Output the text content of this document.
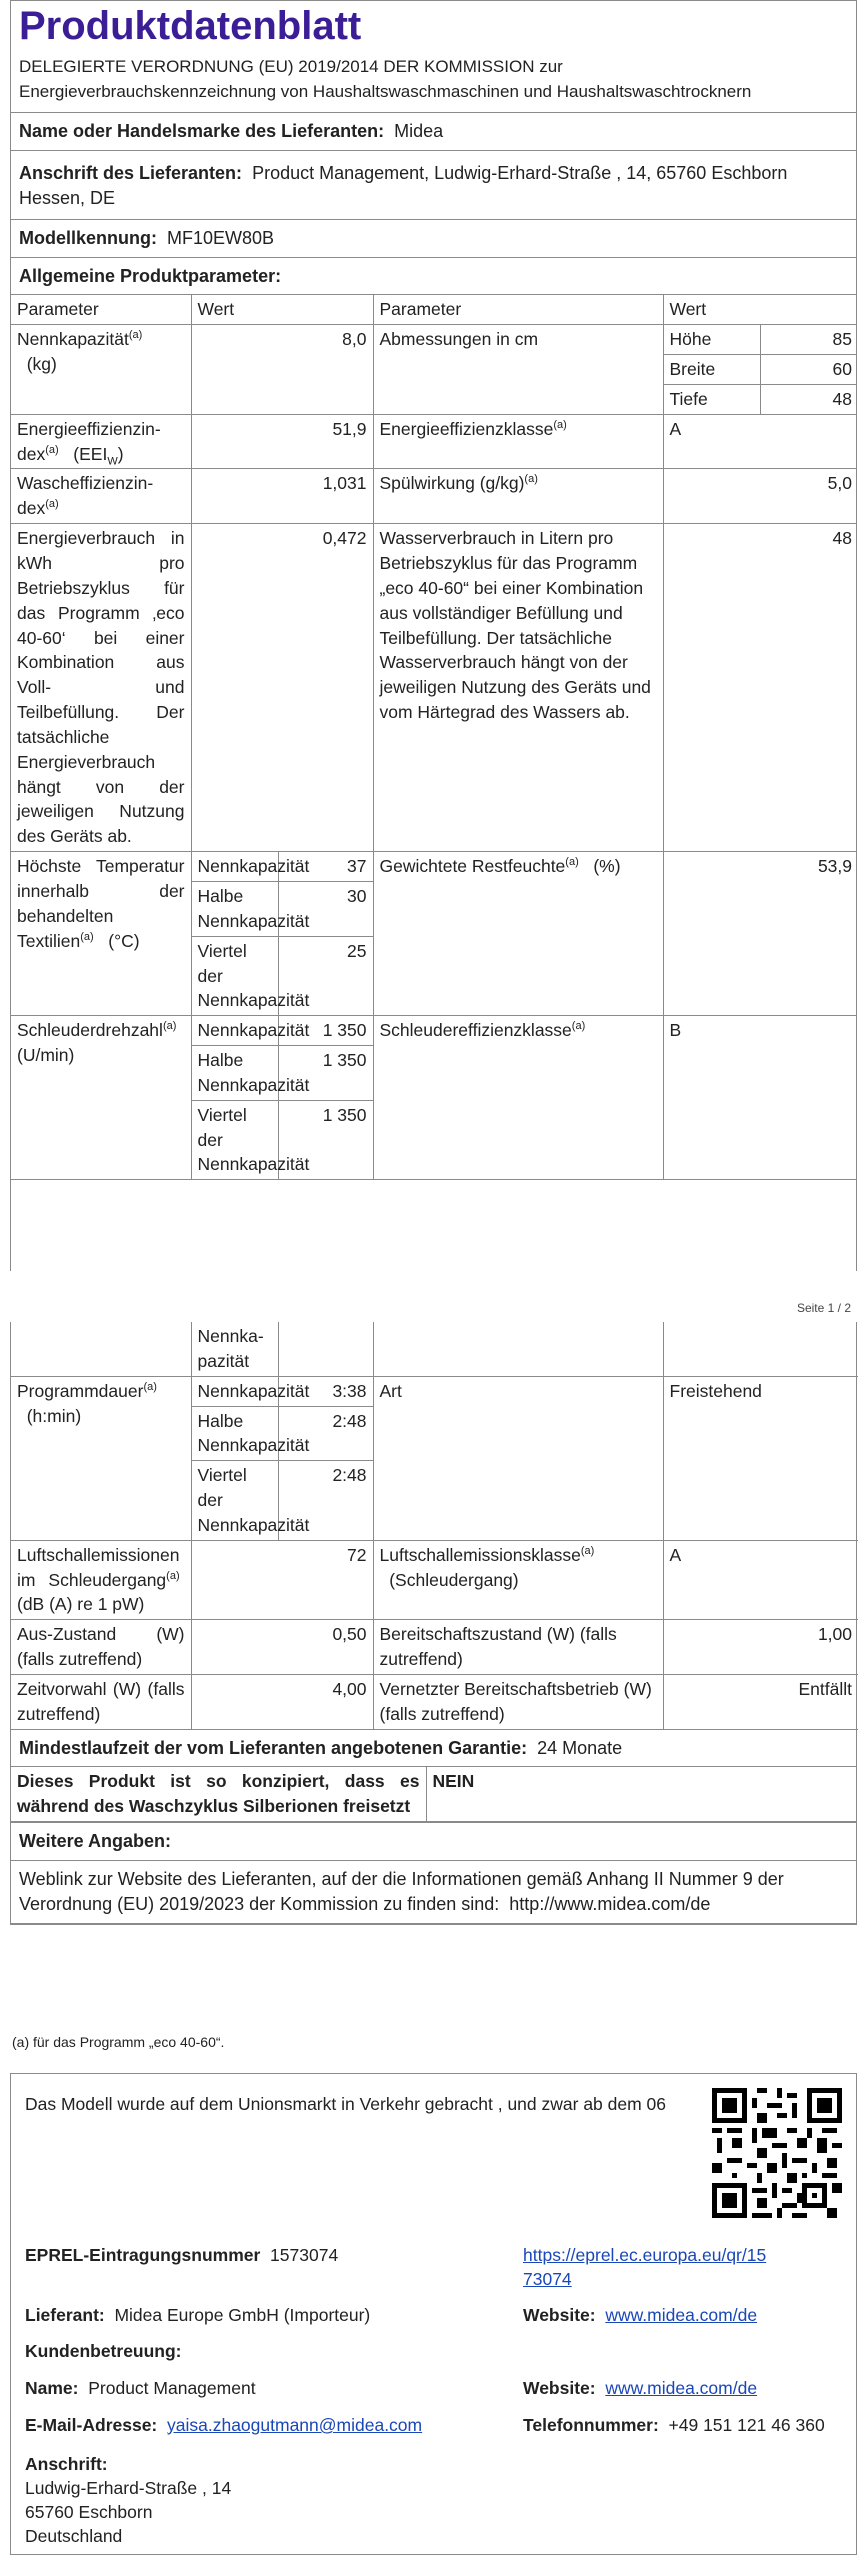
Produktdatenblatt
DELEGIERTE VERORDNUNG (EU) 2019/2014 DER KOMMISSION zur
Energieverbrauchskennzeichnung von Haushaltswaschmaschinen und Haushaltswaschtrocknern
Name oder Handelsmarke des Lieferanten: Midea
Anschrift des Lieferanten: Product Management, Ludwig-Erhard-Straße , 14, 65760 Eschborn Hessen, DE
Modellkennung: MF10EW80B
Allgemeine Produktparameter:
Parameter	Wert	Parameter	Wert
Nennkapazität$^{(a)}$
(kg)	8,0	Abmessungen in cm		Höhe	85
Breite	60
Tiefe	48

Energieeffizienzindex$^{(a)}$ $(EEI_W)$	51,9	Energieeffizienzklasse$^{(a)}$	A
Wascheffizienzindex$^{(a)}$	1,031	Spülwirkung $(g/kg)^{(a)}$	5,0
Energieverbrauch in kWh pro Betriebszyklus für das Programm ‚eco 40-60‘ bei einer Kombination aus Voll- und Teilbefüllung. Der tatsächliche Energieverbrauch hängt von der jeweiligen Nutzung des Geräts ab.	0,472	Wasserverbrauch in Litern pro Betriebszyklus für das Programm „eco 40-60“ bei einer Kombination aus vollständiger Befüllung und Teilbefüllung. Der tatsächliche Wasserverbrauch hängt von der jeweiligen Nutzung des Geräts und vom Härtegrad des Wassers ab.	48
Höchste Temperatur innerhalb der behandelten Textilien$^{(a)}$ (°C)	Nennkapazität	37	Gewichtete Restfeuchte$^{(a)}$ (%)	53,9
Halbe Nennkapazität	30
Viertel der Nennkapazität	25
Schleuderdrehzahl$^{(a)}$   (U/min)	Nennkapazität	1 350	Schleudereffizienzklasse$^{(a)}$	B
Halbe Nennkapazität	1 350
Viertel der Nennkapazität	1 350
Seite 1 / 2
	Nennkapazität			
Programmdauer$^{(a)}$
(h:min)	Nennkapazität	3:38	Art	Freistehend
	Halbe Nennkapazität	2:48		
	Viertel der Nennkapazität	2:48		
Luftschallemissionen im Schleudergang$^{(a)}$  (dB (A) re 1 pW)	72		Luftschallemissionsklasse$^{(a)}$
(Schleudergang)	A
Aus-Zustand (W) (falls zutreffend)	0,50		Bereitschaftszustand (W) (falls zutreffend)	1,00
Zeitvorwahl (W) (falls zutreffend)	4,00		Vernetzter Bereitschaftsbetrieb (W) (falls zutreffend)	Entfällt
Mindestlaufzeit der vom Lieferanten angebotenen Garantie: 24 Monate
Dieses Produkt ist so konzipiert, dass es während des Waschzyklus Silberionen freisetzt	NEIN
Weitere Angaben:
Weblink zur Website des Lieferanten, auf der die Informationen gemäß Anhang II Nummer 9 der Verordnung (EU) 2019/2023 der Kommission zu finden sind: http://www.midea.com/de
(a) für das Programm „eco 40-60“.
Das Modell wurde auf dem Unionsmarkt in Verkehr gebracht , und zwar ab dem 06
EPREL-Eintragungsnummer 1573074	https://eprel.ec.europa.eu/qr/15
73074
Lieferant: Midea Europe GmbH (Importeur)	Website: www.midea.com/de
Kundenbetreuung:
Name: Product Management	Website: www.midea.com/de
E-Mail-Adresse: yaisa.zhaogutmann@midea.com	Telefonnummer: +49 151 121 46 360
Anschrift:
Ludwig-Erhard-Straße , 14
65760 Eschborn
Deutschland
